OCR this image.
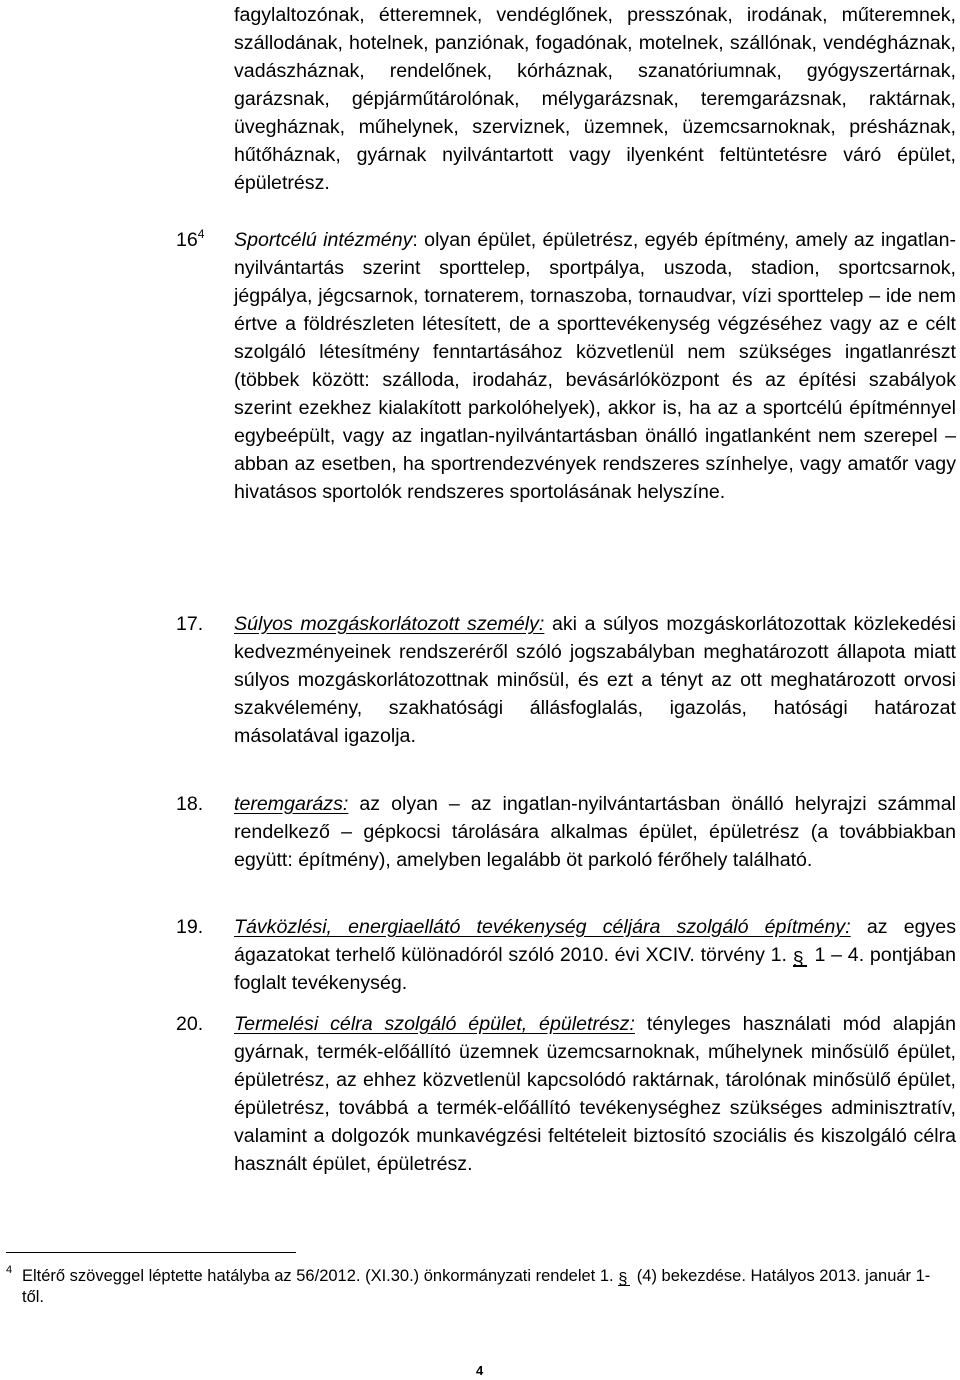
fagylaltozónak, étteremnek, vendéglőnek, presszónak, irodának, műteremnek, szállodának, hotelnek, panziónak, fogadónak, motelnek, szállónak, vendégháznak, vadászháznak, rendelőnek, kórháznak, szanatóriumnak, gyógyszertárnak, garázsnak, gépjárműtárolónak, mélygarázsnak, teremgarázsnak, raktárnak, üvegháznak, műhelynek, szerviznek, üzemnek, üzemcsarnoknak, présháznak, hűtőháznak, gyárnak nyilvántartott vagy ilyenként feltüntetésre váró épület, épületrész.
$16^4$ Sportcélú intézmény: olyan épület, épületrész, egyéb építmény, amely az ingatlan-nyilvántartás szerint sporttelep, sportpálya, uszoda, stadion, sportcsarnok, jégpálya, jégcsarnok, tornaterem, tornaszoba, tornaudvar, vízi sporttelep – ide nem értve a földrészleten létesített, de a sporttevékenység végzéséhez vagy az e célt szolgáló létesítmény fenntartásához közvetlenül nem szükséges ingatlanrészt (többek között: szálloda, irodaház, bevásárlóközpont és az építési szabályok szerint ezekhez kialakított parkolóhelyek), akkor is, ha az a sportcélú építménnyel egybeépült, vagy az ingatlan-nyilvántartásban önálló ingatlanként nem szerepel – abban az esetben, ha sportrendezvények rendszeres színhelye, vagy amatőr vagy hivatásos sportolók rendszeres sportolásának helyszíne.
17. Súlyos mozgáskorlátozott személy: aki a súlyos mozgáskorlátozottak közlekedési kedvezményeinek rendszeréről szóló jogszabályban meghatározott állapota miatt súlyos mozgáskorlátozottnak minősül, és ezt a tényt az ott meghatározott orvosi szakvélemény, szakhatósági állásfoglalás, igazolás, hatósági határozat másolatával igazolja.
18. teremgarázs: az olyan – az ingatlan-nyilvántartásban önálló helyrajzi számmal rendelkező – gépkocsi tárolására alkalmas épület, épületrész (a továbbiakban együtt: építmény), amelyben legalább öt parkoló férőhely található.
19. Távközlési, energiaellátó tevékenység céljára szolgáló építmény: az egyes ágazatokat terhelő különadóról szóló 2010. évi XCIV. törvény 1. § 1 – 4. pontjában foglalt tevékenység.
20. Termelési célra szolgáló épület, épületrész: tényleges használati mód alapján gyárnak, termék-előállító üzemnek üzemcsarnoknak, műhelynek minősülő épület, épületrész, az ehhez közvetlenül kapcsolódó raktárnak, tárolónak minősülő épület, épületrész, továbbá a termék-előállító tevékenységhez szükséges adminisztratív, valamint a dolgozók munkavégzési feltételeit biztosító szociális és kiszolgáló célra használt épület, épületrész.
4 Eltérő szöveggel léptette hatályba az 56/2012. (XI.30.) önkormányzati rendelet 1. § (4) bekezdése. Hatályos 2013. január 1-től.
4
